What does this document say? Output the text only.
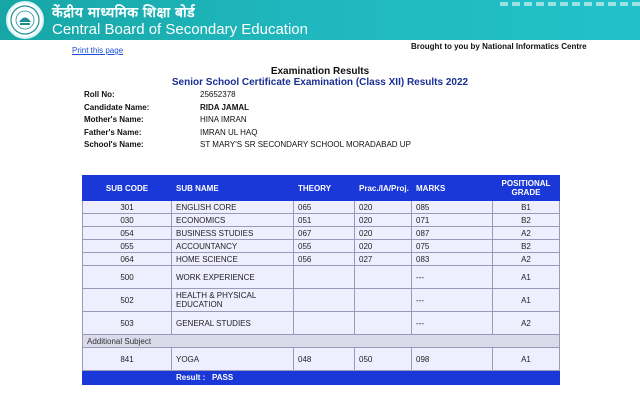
केंद्रीय माध्यमिक शिक्षा बोर्ड
Central Board of Secondary Education
Print this page	Brought to you by National Informatics Centre
Examination Results
Senior School Certificate Examination (Class XII) Results 2022
Roll No:	25652378
Candidate Name:	RIDA JAMAL
Mother's Name:	HINA IMRAN
Father's Name:	IMRAN UL HAQ
School's Name:	ST MARY'S SR SECONDARY SCHOOL MORADABAD UP
SUB CODE	SUB NAME	THEORY	Prac./IA/Proj.	MARKS	POSITIONAL GRADE
301	ENGLISH CORE	065	020	085	B1
030	ECONOMICS	051	020	071	B2
054	BUSINESS STUDIES	067	020	087	A2
055	ACCOUNTANCY	055	020	075	B2
064	HOME SCIENCE	056	027	083	A2
500	WORK EXPERIENCE			---	A1
502	HEALTH & PHYSICAL EDUCATION			---	A1
503	GENERAL STUDIES			---	A2
Additional Subject					
841	YOGA	048	050	098	A1
	Result : PASS				
